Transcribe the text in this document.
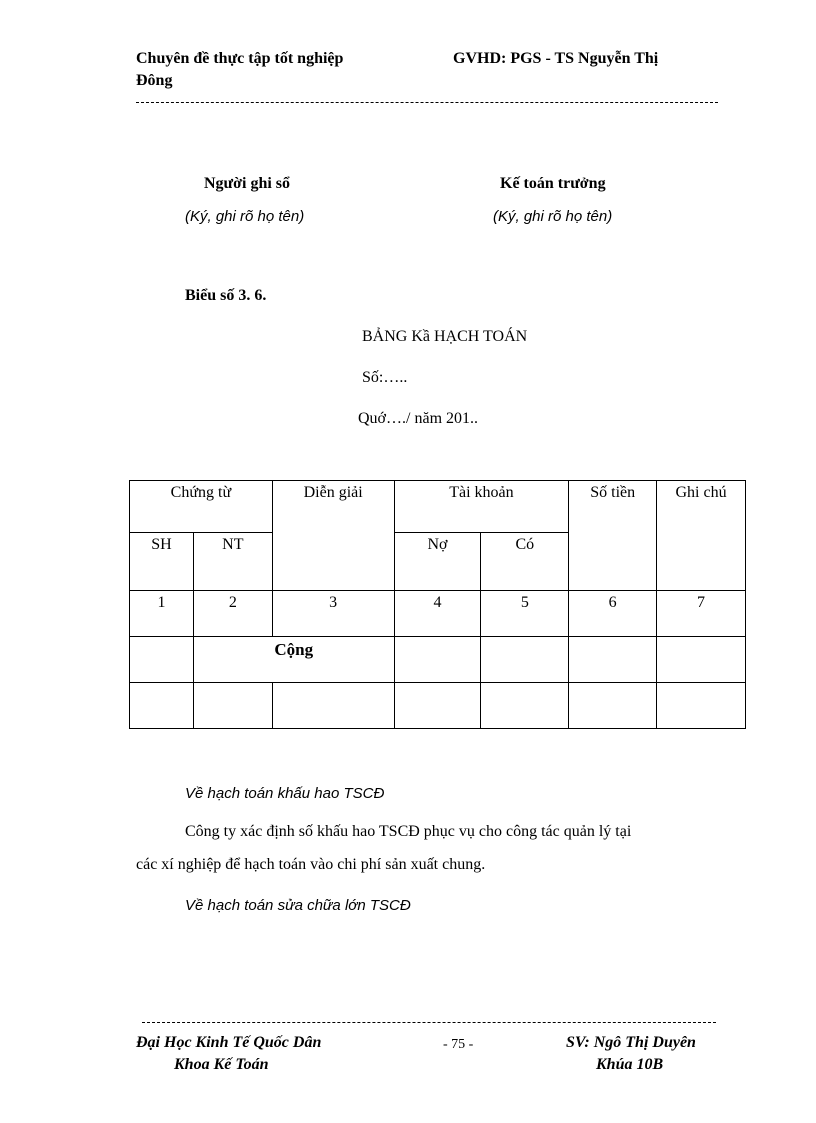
Chuyên đề thực tập tốt nghiệp
Đông
GVHD: PGS - TS Nguyễn Thị
Người ghi sổ
(Ký, ghi rõ họ tên)
Kế toán trưởng
(Ký, ghi rõ họ tên)
Biểu số 3. 6.
BẢNG Kầ HẠCH TOÁN
Số:…..
Quớ…./ năm 201..
Chứng từ		Diễn giải	Tài khoản		Số tiền	Ghi chú
SH	NT		Nợ	Có		
1	2	3	4	5	6	7
	Cộng					

Về hạch toán khấu hao TSCĐ
Công ty xác định số khấu hao TSCĐ phục vụ cho công tác quản lý tại
các xí nghiệp để hạch toán vào chi phí sản xuất chung.
Về hạch toán sửa chữa lớn TSCĐ
Đại Học Kinh Tế Quốc Dân
Khoa Kế Toán
- 75 -	SV: Ngô Thị Duyên
Khúa 10B
